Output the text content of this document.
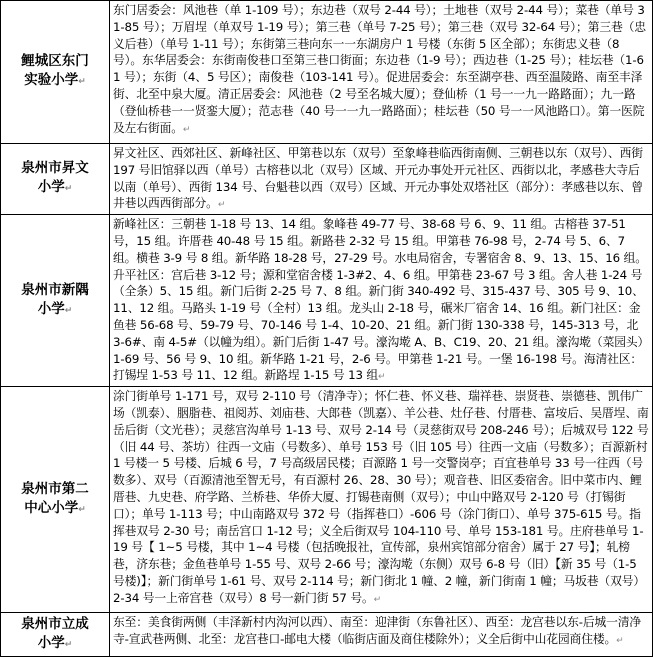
鲤城区东门
实验小学↵	东门居委会：风池巷（单 1-109 号）；东边巷（双号 2-44 号）；土地巷（双号 2-44 号）；菜巷（单号 31-85 号）；万眉埕（单双号 1-19 号）；第三巷（单号 7-25 号）；第三巷（双号 32-64 号）；第三巷（忠义后巷）（单号 1-11 号）；东街第三巷向东一一东湖房户 1 号楼（东街 5 区全部）；东街忠义巷（8 号）。东华居委会：东街南俊巷口至第三巷口街面；东边巷（1-9 号）；西边巷（1-25 号）；桂坛巷（1-61 号）；东街（4、5 号区）；南俊巷（103-141 号）。促进居委会：东至湖亭巷、西至温陵路、南至丰泽街、北至中泉大厦。清正居委会：风池巷（2 号至名城大厦）；登仙桥（1 号一一九一路路面）；九一路（登仙桥巷一一贤銮大厦）；范志巷（40 号一一九一路路面）；桂坛巷（50 号一一风池路口）。第一医院及左右街面。↵
泉州市昇文
小学↵	昇文社区、西郊社区、新峰社区、甲第巷以东（双号）至象峰巷临西街南侧、三朝巷以东（双号）、西街 197 号旧馆驿以西（单号）古榕巷以北（双号）区域、开元办事处开元社区、西街以北，孝感巷大寺后以南（单号）、西街 134 号、台魁巷以西（双号）区域、开元办事处双塔社区（部分）：孝感巷以东、曾井巷以西西街部分。↵
泉州市新隅
小学↵	新峰社区：三朝巷 1-18 号 13、14 组。象峰巷 49-77 号、38-68 号 6、9、11 组。古榕巷 37-51 号，15 组。许厝巷 40-48 号 15 组。新路巷 2-32 号 15 组。甲第巷 76-98 号，2-74 号 5、6、7 组。横巷 3-9 号 8 组。新华路 18-28 号，27-29 号。水电局宿舍，专署宿舍 8、9、13、15、16 组。升平社区：宫后巷 3-12 号；源和堂宿舍楼 1-3#2、4、6 组。甲第巷 23-67 号 3 组。舍人巷 1-24 号（全条）5、15 组。新门后街 2-25 号 7、8 组。新门街 340-492 号、315-437 号、305 号 9、10、11、12 组。马路头 1-19 号（全村）13 组。龙头山 2-18 号，碾米厂宿舍 14、16 组。新门社区：金鱼巷 56-68 号、59-79 号、70-146 号 1-4、10-20、21 组。新门街 130-338 号，145-313 号，北 3-6#、南 4-5#（以幢为组）。新门后街 1-47 号。濠沟墘 A、B、C19、20、21 组。濠沟墘（菜园头）1-69 号、56 号 9、10 组。新华路 1-21 号，2-6 号。甲第巷 1-21 号。一堡 16-198 号。海清社区：打锡埕 1-53 号 11、12 组。新路埕 1-15 号 13 组↵
泉州市第二
中心小学↵	涂门街单号 1-171 号，双号 2-110 号（清净寺）；怀仁巷、怀义巷、瑞祥巷、崇贤巷、崇德巷、凯伟广场（凯泰）、胭脂巷、祖阅苏、刘庙巷、大郎巷（凯嘉）、羊公巷、灶仔巷、付厝巷、富垵后、吴厝埕、南岳后街（文光巷）；灵慈宫沟单号 1-13 号、双号 2-14 号（灵慈街双号 208-246 号）；后城双号 122 号（旧 44 号、茶坊）往西一文庙（号数多）、单号 153 号（旧 105 号）往西一文庙（号数多）；百源新村 1 号楼一 5 号楼、后城 6 号，7 号高级居民楼；百源路 1 号一交警岗亭；百宜巷单号 33 号一往西（号数多）、双号（百源清池至智无号，有百源村 26、28、30 号）；观音巷、旧区委宿舍。旧中菜市内、鲤厝巷、九史巷、府学路、兰桥巷、华侨大厦、打锡巷南侧（双号）；中山中路双号 2-120 号（打锡街口）；单号 1-113 号；中山南路双号 372 号（指挥巷口）-606 号（涂门街口）、单号 375-615 号。指挥巷双号 2-30 号；南岳宫口 1-12 号；义全后街双号 104-110 号、单号 153-181 号。庄府巷单号 1-19 号【 1~5 号楼，其中 1~4 号楼（包括晚报社，宣传部，泉州宾馆部分宿舍）属于 27 号】；轧榜巷，济东巷；金鱼巷单号 1-55 号、双号 2-66 号；濠沟墘（东侧）双号 6-8 号（旧）【新 35 号（1-5 号楼)】；新门街单号 1-61 号、双号 2-114 号；新门街北 1 幢、2 幢，新门街南 1 幢；马坂巷（双号）2-34 号一上帝宫巷（双号）8 号一新门街 57 号。↵
泉州市立成
小学↵	东至：美食街两侧（丰泽新村内沟河以西）、南至：迎津街（东鲁社区）、西至：龙宫巷以东-后城一清净寺-宣武巷两侧、北至：龙宫巷口-邮电大楼（临街店面及商住楼除外）；义全后街中山花园商住楼。↵
